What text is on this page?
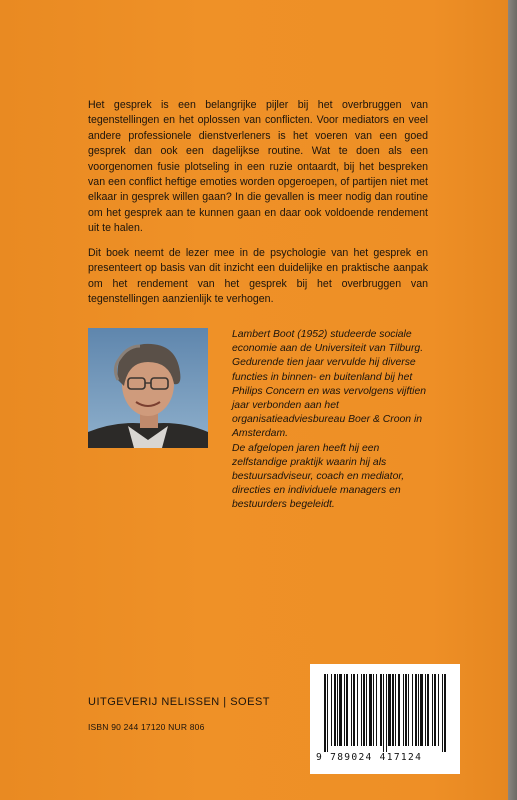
Het gesprek is een belangrijke pijler bij het overbruggen van tegenstellingen en het oplossen van conflicten. Voor mediators en veel andere professionele dienstverleners is het voeren van een goed gesprek dan ook een dagelijkse routine. Wat te doen als een voorgenomen fusie plotseling in een ruzie ontaardt, bij het bespreken van een conflict heftige emoties worden opgeroepen, of partijen niet met elkaar in gesprek willen gaan? In die gevallen is meer nodig dan routine om het gesprek aan te kunnen gaan en daar ook voldoende rendement uit te halen.

Dit boek neemt de lezer mee in de psychologie van het gesprek en presenteert op basis van dit inzicht een duidelijke en praktische aanpak om het rendement van het gesprek bij het overbruggen van tegenstellingen aanzienlijk te verhogen.

Lambert Boot (1952) studeerde sociale economie aan de Universiteit van Tilburg. Gedurende tien jaar vervulde hij diverse functies in binnen- en buitenland bij het Philips Concern en was vervolgens vijftien jaar verbonden aan het organisatieadviesbureau Boer & Croon in Amsterdam.

De afgelopen jaren heeft hij een zelfstandige praktijk waarin hij als bestuursadviseur, coach en mediator, directies en individuele managers en bestuurders begeleidt.

UITGEVERIJ NELISSEN | SOEST

ISBN 90 244 17120 NUR 806

9 789024 417124
